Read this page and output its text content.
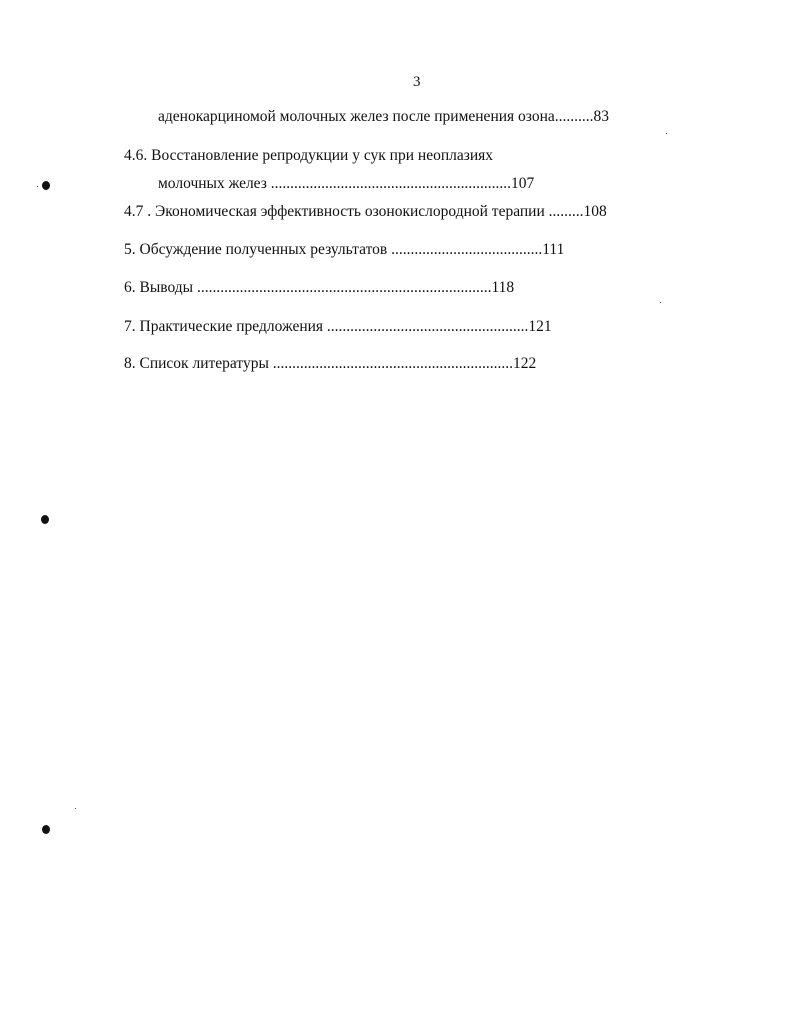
3
аденокарциномой молочных желез после применения озона..........83
4.6. Восстановление репродукции у сук при неоплазиях
молочных желез ..............................................................107
4.7 . Экономическая эффективность озонокислородной терапии .........108
5. Обсуждение полученных результатов .......................................111
6. Выводы ............................................................................118
7. Практические предложения ....................................................121
8. Список литературы ..............................................................122
